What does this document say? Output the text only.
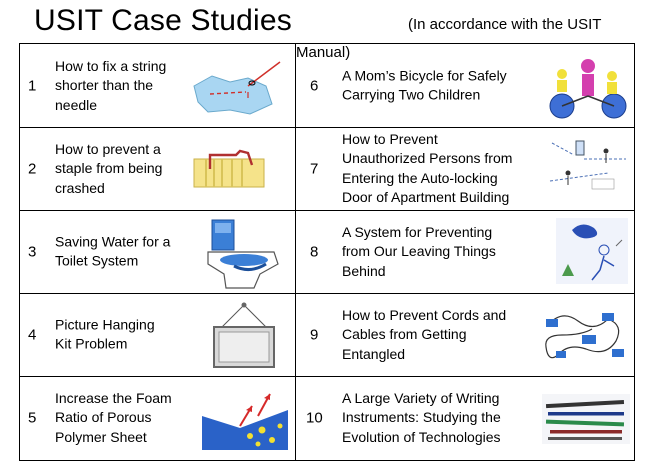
USIT Case Studies	(In accordance with the USIT
1
How to fix a string
shorter than the
needle
2
How to prevent a
staple from being
crashed
3
Saving Water for a
Toilet System
4
Picture Hanging
Kit Problem
5
Increase the Foam
Ratio of Porous
Polymer Sheet
6
A Mom’s Bicycle for Safely
Carrying Two Children
7
How to Prevent
Unauthorized Persons from
Entering the Auto-locking
Door of Apartment Building
8
A System for Preventing
from Our Leaving Things
Behind
9
How to Prevent Cords and
Cables from Getting
Entangled
10
A Large Variety of Writing
Instruments: Studying the
Evolution of Technologies
Manual)
